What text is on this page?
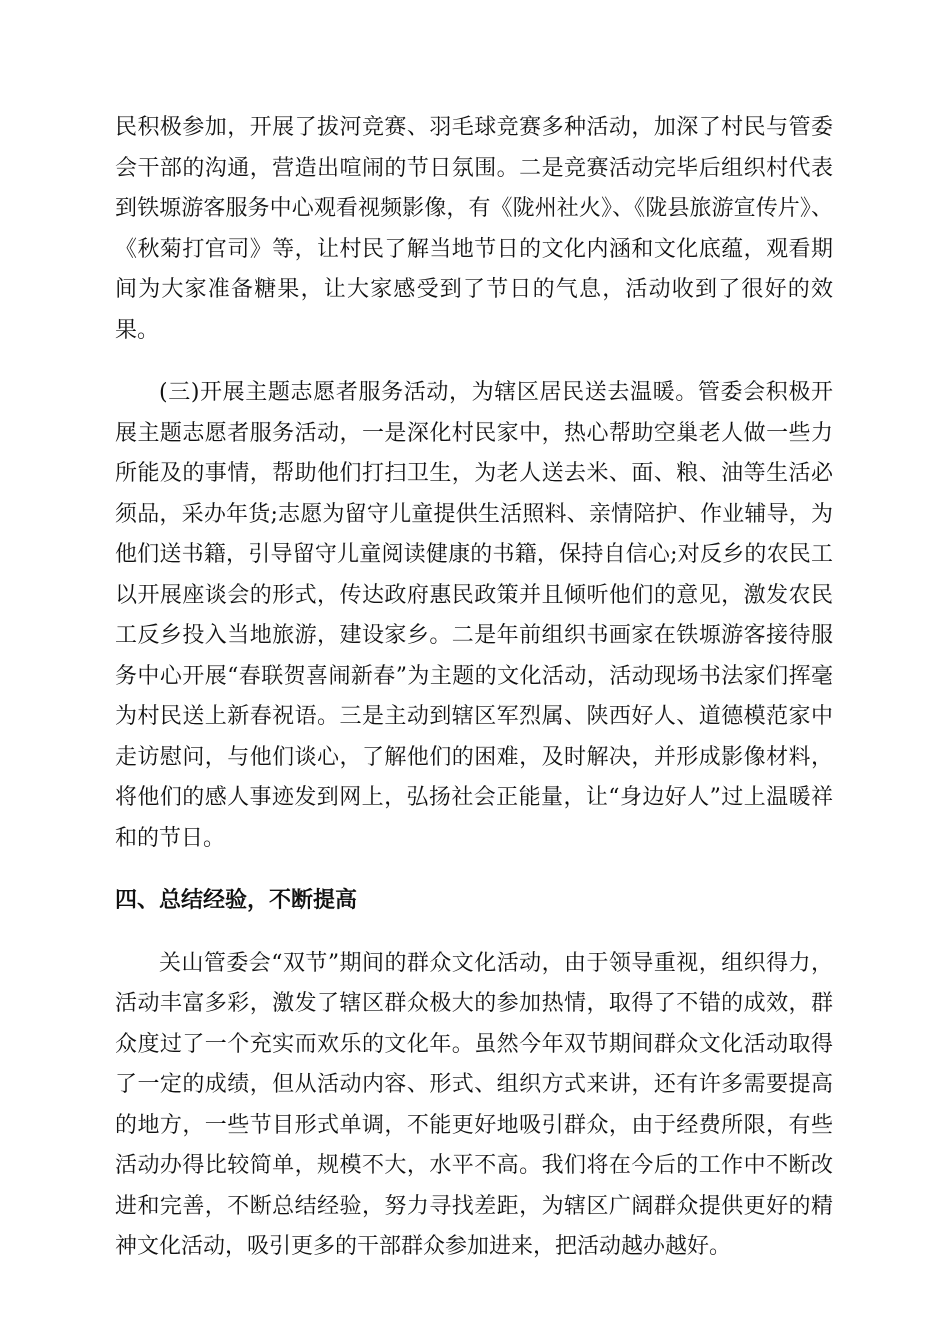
民积极参加，开展了拔河竞赛、羽毛球竞赛多种活动，加深了村民与管委会干部的沟通，营造出喧闹的节日氛围。二是竞赛活动完毕后组织村代表到铁塬游客服务中心观看视频影像，有《陇州社火》、《陇县旅游宣传片》、《秋菊打官司》等，让村民了解当地节日的文化内涵和文化底蕴，观看期间为大家准备糖果，让大家感受到了节日的气息，活动收到了很好的效果。

(三)开展主题志愿者服务活动，为辖区居民送去温暖。管委会积极开展主题志愿者服务活动，一是深化村民家中，热心帮助空巢老人做一些力所能及的事情，帮助他们打扫卫生，为老人送去米、面、粮、油等生活必须品，采办年货;志愿为留守儿童提供生活照料、亲情陪护、作业辅导，为他们送书籍，引导留守儿童阅读健康的书籍，保持自信心;对反乡的农民工以开展座谈会的形式，传达政府惠民政策并且倾听他们的意见，激发农民工反乡投入当地旅游，建设家乡。二是年前组织书画家在铁塬游客接待服务中心开展“春联贺喜闹新春”为主题的文化活动，活动现场书法家们挥毫为村民送上新春祝语。三是主动到辖区军烈属、陕西好人、道德模范家中走访慰问，与他们谈心，了解他们的困难，及时解决，并形成影像材料，将他们的感人事迹发到网上，弘扬社会正能量，让“身边好人”过上温暖祥和的节日。

四、总结经验，不断提高

关山管委会“双节”期间的群众文化活动，由于领导重视，组织得力，活动丰富多彩，激发了辖区群众极大的参加热情，取得了不错的成效，群众度过了一个充实而欢乐的文化年。虽然今年双节期间群众文化活动取得了一定的成绩，但从活动内容、形式、组织方式来讲，还有许多需要提高的地方，一些节目形式单调，不能更好地吸引群众，由于经费所限，有些活动办得比较简单，规模不大，水平不高。我们将在今后的工作中不断改进和完善，不断总结经验，努力寻找差距，为辖区广阔群众提供更好的精神文化活动，吸引更多的干部群众参加进来，把活动越办越好。
